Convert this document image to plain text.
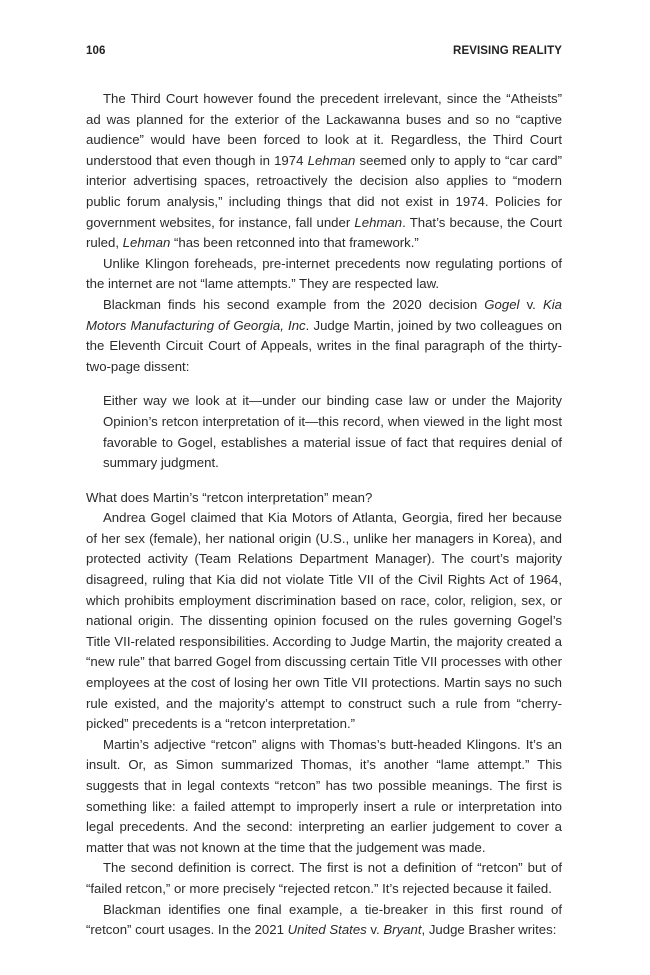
106	REVISING REALITY

The Third Court however found the precedent irrelevant, since the “Atheists” ad was planned for the exterior of the Lackawanna buses and so no “captive audience” would have been forced to look at it. Regardless, the Third Court understood that even though in 1974 Lehman seemed only to apply to “car card” interior advertising spaces, retroactively the decision also applies to “modern public forum analysis,” including things that did not exist in 1974. Policies for government websites, for instance, fall under Lehman. That’s because, the Court ruled, Lehman “has been retconned into that framework.”

Unlike Klingon foreheads, pre-internet precedents now regulating portions of the internet are not “lame attempts.” They are respected law.

Blackman finds his second example from the 2020 decision Gogel v. Kia Motors Manufacturing of Georgia, Inc. Judge Martin, joined by two colleagues on the Eleventh Circuit Court of Appeals, writes in the final paragraph of the thirty-two-page dissent:

Either way we look at it—under our binding case law or under the Majority Opinion’s retcon interpretation of it—this record, when viewed in the light most favorable to Gogel, establishes a material issue of fact that requires denial of summary judgment.

What does Martin’s “retcon interpretation” mean?

Andrea Gogel claimed that Kia Motors of Atlanta, Georgia, fired her because of her sex (female), her national origin (U.S., unlike her managers in Korea), and protected activity (Team Relations Department Manager). The court’s majority disagreed, ruling that Kia did not violate Title VII of the Civil Rights Act of 1964, which prohibits employment discrimination based on race, color, religion, sex, or national origin. The dissenting opinion focused on the rules governing Gogel’s Title VII-related responsibilities. According to Judge Martin, the majority created a “new rule” that barred Gogel from discussing certain Title VII processes with other employees at the cost of losing her own Title VII protections. Martin says no such rule existed, and the majority’s attempt to construct such a rule from “cherry-picked” precedents is a “retcon interpretation.”

Martin’s adjective “retcon” aligns with Thomas’s butt-headed Klingons. It’s an insult. Or, as Simon summarized Thomas, it’s another “lame attempt.” This suggests that in legal contexts “retcon” has two possible meanings. The first is something like: a failed attempt to improperly insert a rule or interpretation into legal precedents. And the second: interpreting an earlier judgement to cover a matter that was not known at the time that the judgement was made.

The second definition is correct. The first is not a definition of “retcon” but of “failed retcon,” or more precisely “rejected retcon.” It’s rejected because it failed.

Blackman identifies one final example, a tie-breaker in this first round of “retcon” court usages. In the 2021 United States v. Bryant, Judge Brasher writes:
